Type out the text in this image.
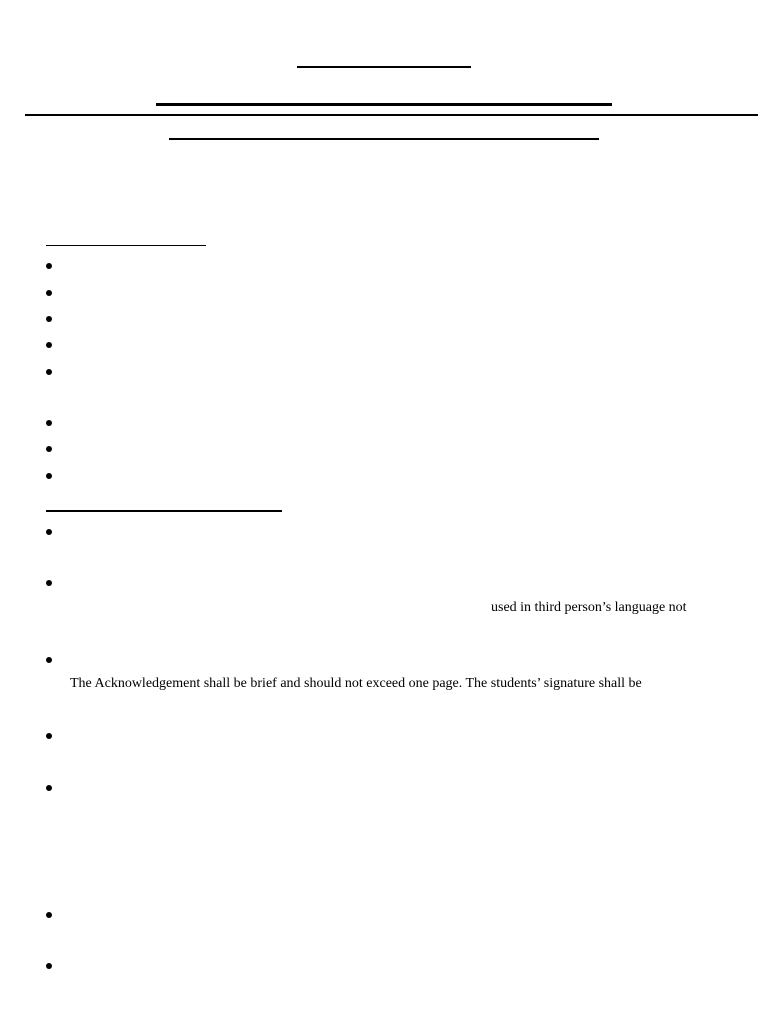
used in third person’s language not
The Acknowledgement shall be brief and should not exceed one page. The students’ signature shall be
